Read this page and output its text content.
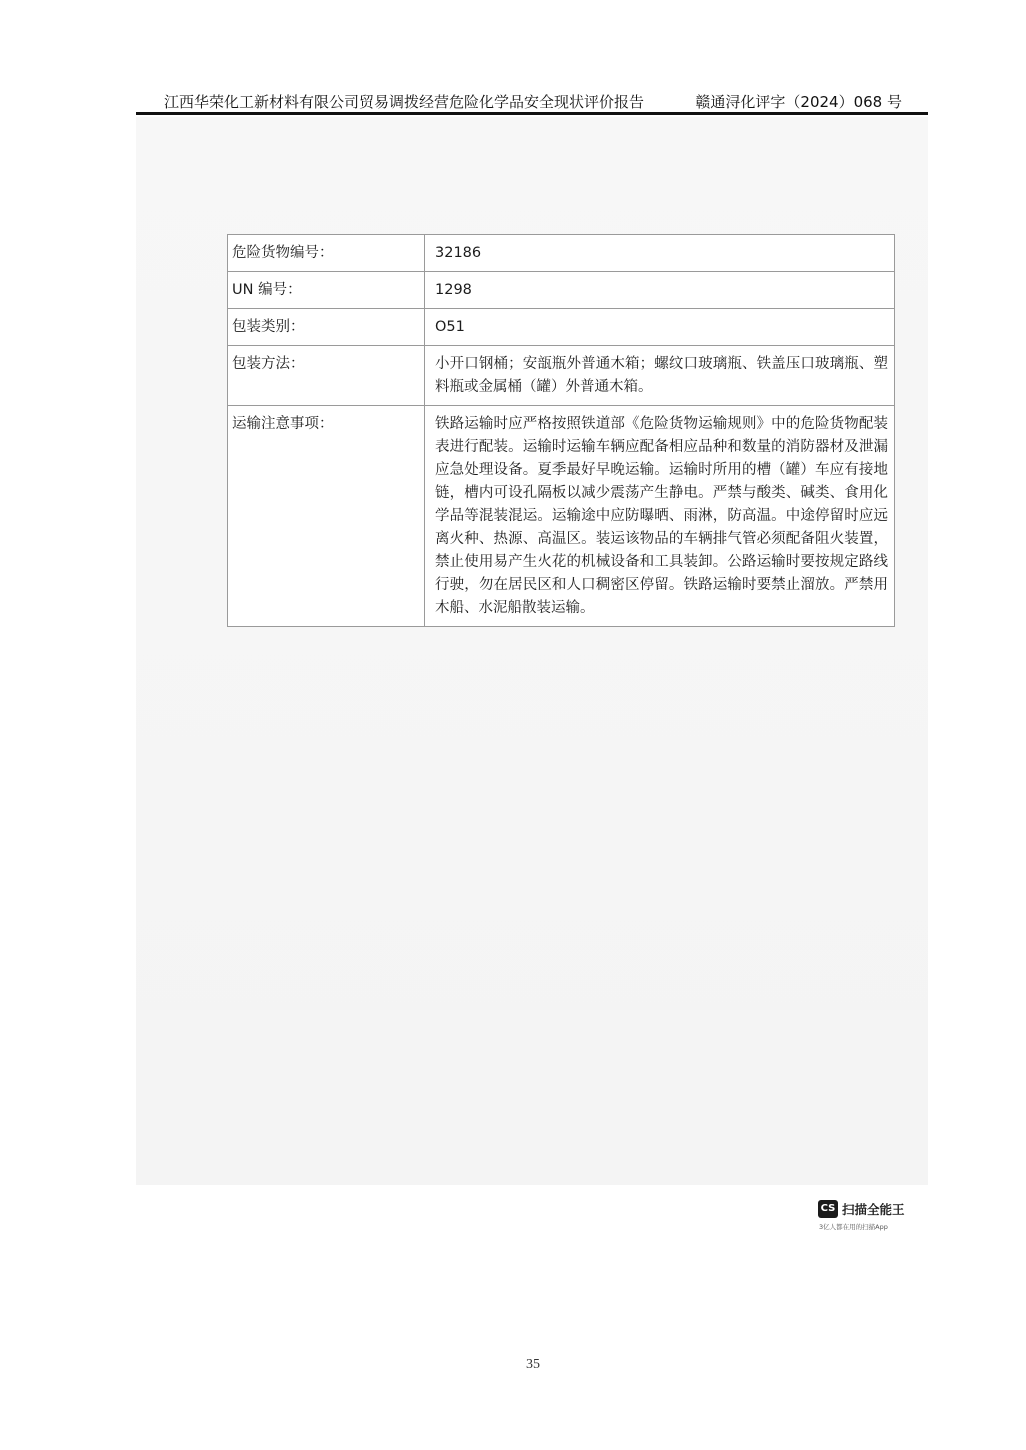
江西华荣化工新材料有限公司贸易调拨经营危险化学品安全现状评价报告	赣通浔化评字（2024）068 号
危险货物编号：	32186
UN 编号：	1298
包装类别：	O51
包装方法：	小开口钢桶；安瓿瓶外普通木箱；螺纹口玻璃瓶、铁盖压口玻璃瓶、塑料瓶或金属桶（罐）外普通木箱。
运输注意事项：	铁路运输时应严格按照铁道部《危险货物运输规则》中的危险货物配装表进行配装。运输时运输车辆应配备相应品种和数量的消防器材及泄漏应急处理设备。夏季最好早晚运输。运输时所用的槽（罐）车应有接地链，槽内可设孔隔板以减少震荡产生静电。严禁与酸类、碱类、食用化学品等混装混运。运输途中应防曝晒、雨淋，防高温。中途停留时应远离火种、热源、高温区。装运该物品的车辆排气管必须配备阻火装置，禁止使用易产生火花的机械设备和工具装卸。公路运输时要按规定路线行驶，勿在居民区和人口稠密区停留。铁路运输时要禁止溜放。严禁用木船、水泥船散装运输。
CS 扫描全能王
3亿人都在用的扫描App
35
